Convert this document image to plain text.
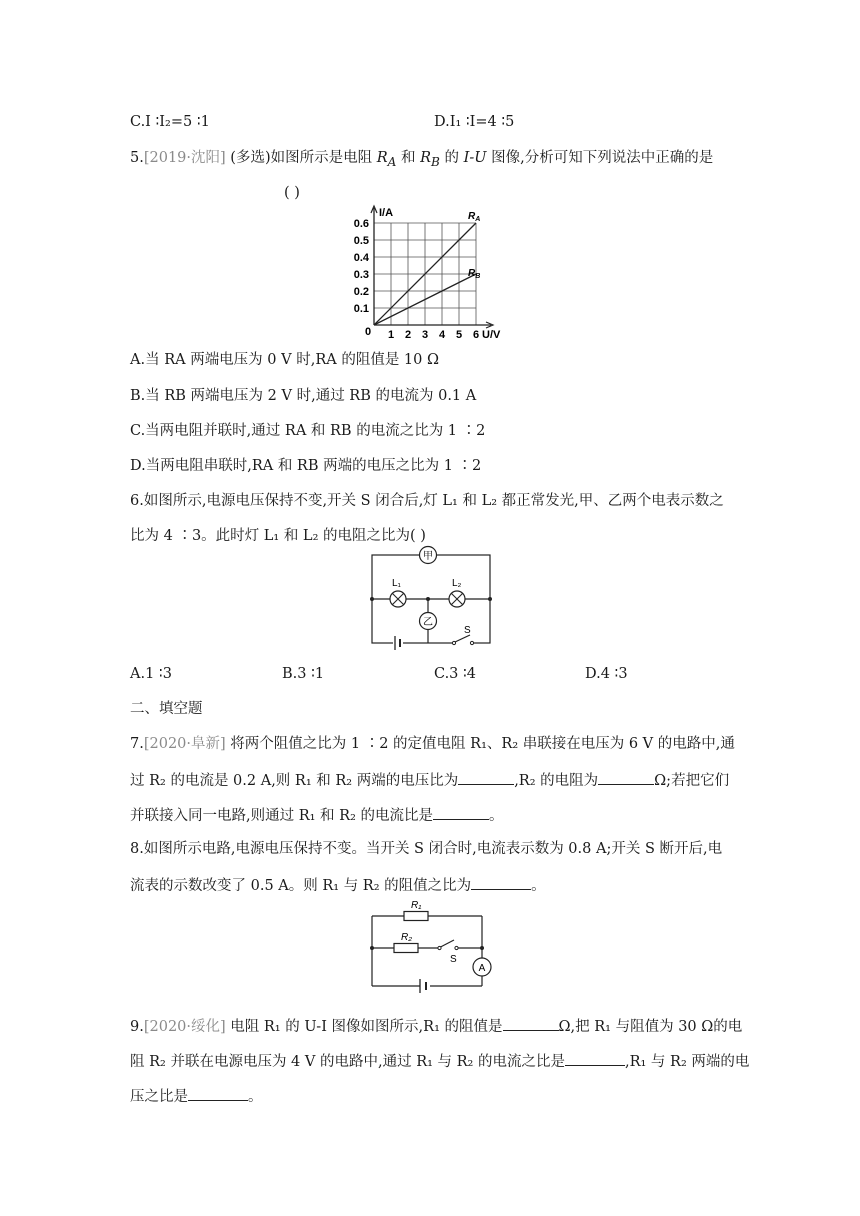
C.I ∶I₂=5 ∶1	D.I₁ ∶I=4 ∶5
5.[2019·沈阳] (多选)如图所示是电阻 $R_A$ 和 $R_B$ 的 I-U 图像,分析可知下列说法中正确的是
( )
$R_A$
$R_B$
1 2 3 4 5 6
0.1
0.2
0.3
0.4
0.5
0.6
0
I/A
U/V
A.当 RA 两端电压为 0 V 时,RA 的阻值是 10 Ω
B.当 RB 两端电压为 2 V 时,通过 RB 的电流为 0.1 A
C.当两电阻并联时,通过 RA 和 RB 的电流之比为 1 ∶2
D.当两电阻串联时,RA 和 RB 两端的电压之比为 1 ∶2
6.如图所示,电源电压保持不变,开关 S 闭合后,灯 L₁ 和 L₂ 都正常发光,甲、乙两个电表示数之
比为 4 ∶3。此时灯 L₁ 和 L₂ 的电阻之比为( )
甲
L₁	L₂
乙
S
A.1 ∶3	B.3 ∶1	C.3 ∶4	D.4 ∶3
二、填空题
7.[2020·阜新] 将两个阻值之比为 1 ∶2 的定值电阻 R₁、R₂ 串联接在电压为 6 V 的电路中,通
过 R₂ 的电流是 0.2 A,则 R₁ 和 R₂ 两端的电压比为	,R₂ 的电阻为	Ω;若把它们
并联接入同一电路,则通过 R₁ 和 R₂ 的电流比是	。
8.如图所示电路,电源电压保持不变。当开关 S 闭合时,电流表示数为 0.8 A;开关 S 断开后,电
流表的示数改变了 0.5 A。则 R₁ 与 R₂ 的阻值之比为	。
R₁
R₂
S
A
9.[2020·绥化] 电阻 R₁ 的 U-I 图像如图所示,R₁ 的阻值是	Ω,把 R₁ 与阻值为 30 Ω的电
阻 R₂ 并联在电源电压为 4 V 的电路中,通过 R₁ 与 R₂ 的电流之比是	,R₁ 与 R₂ 两端的电
压之比是	。
